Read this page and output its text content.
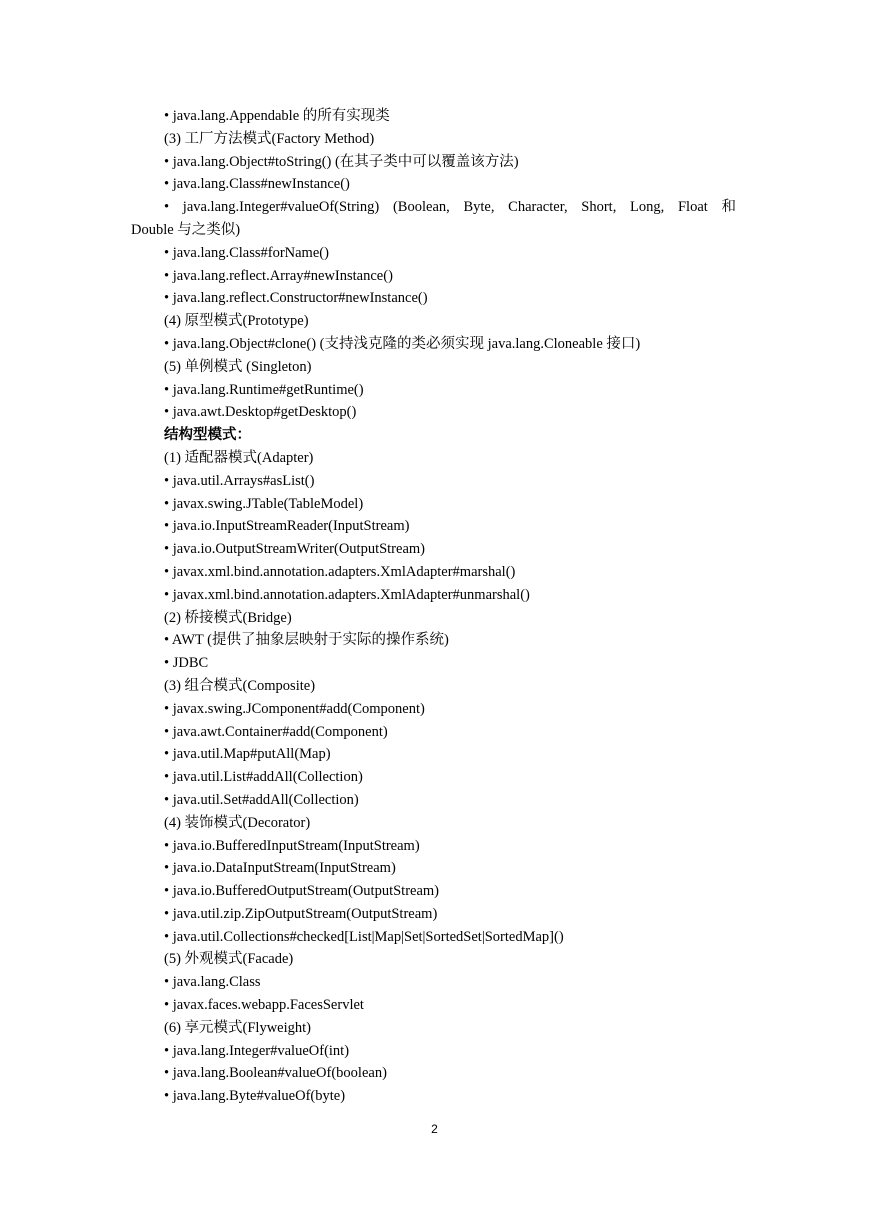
• java.lang.Appendable 的所有实现类
(3) 工厂方法模式(Factory Method)
• java.lang.Object#toString() (在其子类中可以覆盖该方法)
• java.lang.Class#newInstance()
• java.lang.Integer#valueOf(String) (Boolean, Byte, Character, Short, Long, Float 和
Double 与之类似)
• java.lang.Class#forName()
• java.lang.reflect.Array#newInstance()
• java.lang.reflect.Constructor#newInstance()
(4) 原型模式(Prototype)
• java.lang.Object#clone() (支持浅克隆的类必须实现 java.lang.Cloneable 接口)
(5) 单例模式 (Singleton)
• java.lang.Runtime#getRuntime()
• java.awt.Desktop#getDesktop()
结构型模式：
(1) 适配器模式(Adapter)
• java.util.Arrays#asList()
• javax.swing.JTable(TableModel)
• java.io.InputStreamReader(InputStream)
• java.io.OutputStreamWriter(OutputStream)
• javax.xml.bind.annotation.adapters.XmlAdapter#marshal()
• javax.xml.bind.annotation.adapters.XmlAdapter#unmarshal()
(2) 桥接模式(Bridge)
• AWT (提供了抽象层映射于实际的操作系统)
• JDBC
(3) 组合模式(Composite)
• javax.swing.JComponent#add(Component)
• java.awt.Container#add(Component)
• java.util.Map#putAll(Map)
• java.util.List#addAll(Collection)
• java.util.Set#addAll(Collection)
(4) 装饰模式(Decorator)
• java.io.BufferedInputStream(InputStream)
• java.io.DataInputStream(InputStream)
• java.io.BufferedOutputStream(OutputStream)
• java.util.zip.ZipOutputStream(OutputStream)
• java.util.Collections#checked[List|Map|Set|SortedSet|SortedMap]()
(5) 外观模式(Facade)
• java.lang.Class
• javax.faces.webapp.FacesServlet
(6) 享元模式(Flyweight)
• java.lang.Integer#valueOf(int)
• java.lang.Boolean#valueOf(boolean)
• java.lang.Byte#valueOf(byte)
2
